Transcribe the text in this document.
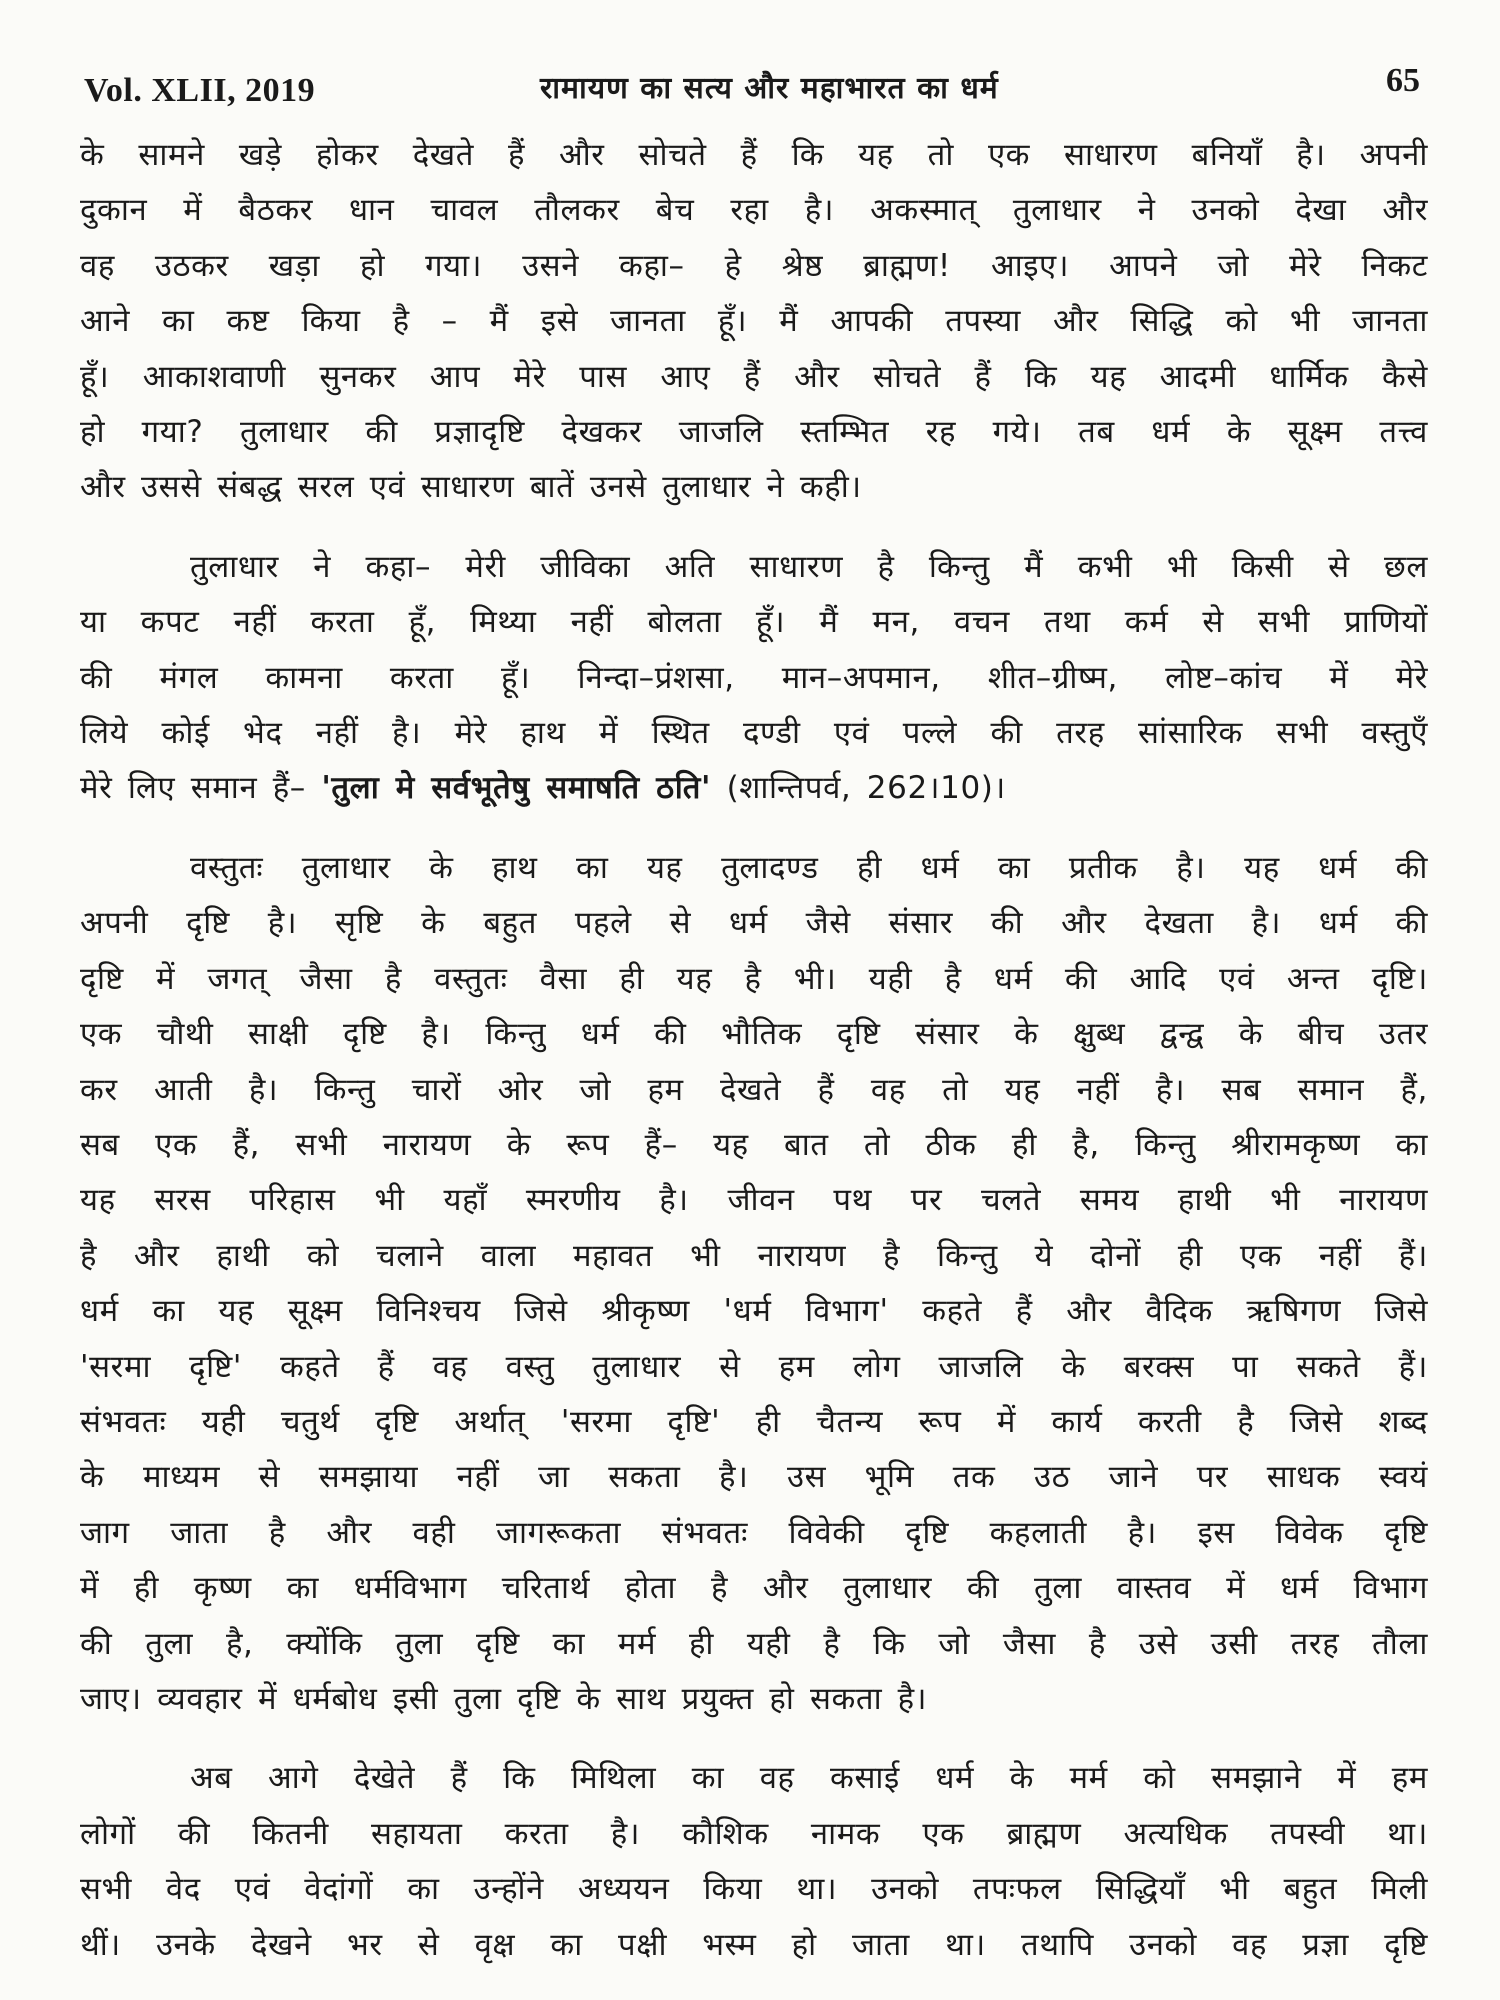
Vol. XLII, 2019	रामायण का सत्य और महाभारत का धर्म	65
के सामने खड़े होकर देखते हैं और सोचते हैं कि यह तो एक साधारण बनियाँ है। अपनी
दुकान में बैठकर धान चावल तौलकर बेच रहा है। अकस्मात् तुलाधार ने उनको देखा और
वह उठकर खड़ा हो गया। उसने कहा– हे श्रेष्ठ ब्राह्मण! आइए। आपने जो मेरे निकट
आने का कष्ट किया है – मैं इसे जानता हूँ। मैं आपकी तपस्या और सिद्धि को भी जानता
हूँ। आकाशवाणी सुनकर आप मेरे पास आए हैं और सोचते हैं कि यह आदमी धार्मिक कैसे
हो गया? तुलाधार की प्रज्ञादृष्टि देखकर जाजलि स्तम्भित रह गये। तब धर्म के सूक्ष्म तत्त्व
और उससे संबद्ध सरल एवं साधारण बातें उनसे तुलाधार ने कही।
तुलाधार ने कहा– मेरी जीविका अति साधारण है किन्तु मैं कभी भी किसी से छल
या कपट नहीं करता हूँ, मिथ्या नहीं बोलता हूँ। मैं मन, वचन तथा कर्म से सभी प्राणियों
की मंगल कामना करता हूँ। निन्दा–प्रंशसा, मान–अपमान, शीत–ग्रीष्म, लोष्ट–कांच में मेरे
लिये कोई भेद नहीं है। मेरे हाथ में स्थित दण्डी एवं पल्ले की तरह सांसारिक सभी वस्तुएँ
मेरे लिए समान हैं– 'तुला मे सर्वभूतेषु समाषति ठति' (शान्तिपर्व, 262।10)।
वस्तुतः तुलाधार के हाथ का यह तुलादण्ड ही धर्म का प्रतीक है। यह धर्म की
अपनी दृष्टि है। सृष्टि के बहुत पहले से धर्म जैसे संसार की और देखता है। धर्म की
दृष्टि में जगत् जैसा है वस्तुतः वैसा ही यह है भी। यही है धर्म की आदि एवं अन्त दृष्टि।
एक चौथी साक्षी दृष्टि है। किन्तु धर्म की भौतिक दृष्टि संसार के क्षुब्ध द्वन्द्व के बीच उतर
कर आती है। किन्तु चारों ओर जो हम देखते हैं वह तो यह नहीं है। सब समान हैं,
सब एक हैं, सभी नारायण के रूप हैं– यह बात तो ठीक ही है, किन्तु श्रीरामकृष्ण का
यह सरस परिहास भी यहाँ स्मरणीय है। जीवन पथ पर चलते समय हाथी भी नारायण
है और हाथी को चलाने वाला महावत भी नारायण है किन्तु ये दोनों ही एक नहीं हैं।
धर्म का यह सूक्ष्म विनिश्चय जिसे श्रीकृष्ण 'धर्म विभाग' कहते हैं और वैदिक ऋषिगण जिसे
'सरमा दृष्टि' कहते हैं वह वस्तु तुलाधार से हम लोग जाजलि के बरक्स पा सकते हैं।
संभवतः यही चतुर्थ दृष्टि अर्थात् 'सरमा दृष्टि' ही चैतन्य रूप में कार्य करती है जिसे शब्द
के माध्यम से समझाया नहीं जा सकता है। उस भूमि तक उठ जाने पर साधक स्वयं
जाग जाता है और वही जागरूकता संभवतः विवेकी दृष्टि कहलाती है। इस विवेक दृष्टि
में ही कृष्ण का धर्मविभाग चरितार्थ होता है और तुलाधार की तुला वास्तव में धर्म विभाग
की तुला है, क्योंकि तुला दृष्टि का मर्म ही यही है कि जो जैसा है उसे उसी तरह तौला
जाए। व्यवहार में धर्मबोध इसी तुला दृष्टि के साथ प्रयुक्त हो सकता है।
अब आगे देखेते हैं कि मिथिला का वह कसाई धर्म के मर्म को समझाने में हम
लोगों की कितनी सहायता करता है। कौशिक नामक एक ब्राह्मण अत्यधिक तपस्वी था।
सभी वेद एवं वेदांगों का उन्होंने अध्ययन किया था। उनको तपःफल सिद्धियाँ भी बहुत मिली
थीं। उनके देखने भर से वृक्ष का पक्षी भस्म हो जाता था। तथापि उनको वह प्रज्ञा दृष्टि
